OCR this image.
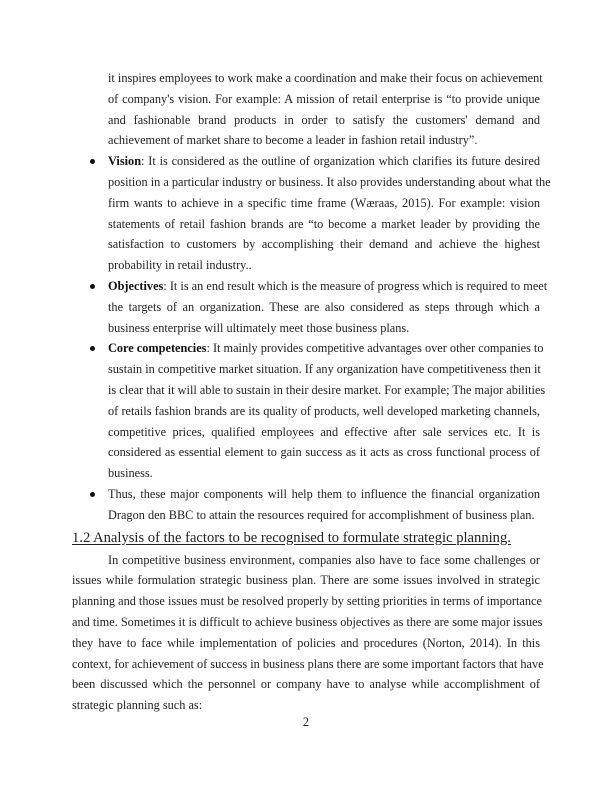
it inspires employees to work make a coordination and make their focus on achievement
of company's vision. For example: A mission of retail enterprise is “to provide unique
and fashionable brand products in order to satisfy the customers' demand and
achievement of market share to become a leader in fashion retail industry”.
Vision: It is considered as the outline of organization which clarifies its future desired
position in a particular industry or business. It also provides understanding about what the
firm wants to achieve in a specific time frame (Wæraas, 2015). For example: vision
statements of retail fashion brands are “to become a market leader by providing the
satisfaction to customers by accomplishing their demand and achieve the highest
probability in retail industry..
Objectives: It is an end result which is the measure of progress which is required to meet
the targets of an organization. These are also considered as steps through which a
business enterprise will ultimately meet those business plans.
Core competencies: It mainly provides competitive advantages over other companies to
sustain in competitive market situation. If any organization have competitiveness then it
is clear that it will able to sustain in their desire market. For example; The major abilities
of retails fashion brands are its quality of products, well developed marketing channels,
competitive prices, qualified employees and effective after sale services etc. It is
considered as essential element to gain success as it acts as cross functional process of
business.
Thus, these major components will help them to influence the financial organization
Dragon den BBC to attain the resources required for accomplishment of business plan.
1.2 Analysis of the factors to be recognised to formulate strategic planning.
In competitive business environment, companies also have to face some challenges or
issues while formulation strategic business plan. There are some issues involved in strategic
planning and those issues must be resolved properly by setting priorities in terms of importance
and time. Sometimes it is difficult to achieve business objectives as there are some major issues
they have to face while implementation of policies and procedures (Norton, 2014). In this
context, for achievement of success in business plans there are some important factors that have
been discussed which the personnel or company have to analyse while accomplishment of
strategic planning such as:
2
